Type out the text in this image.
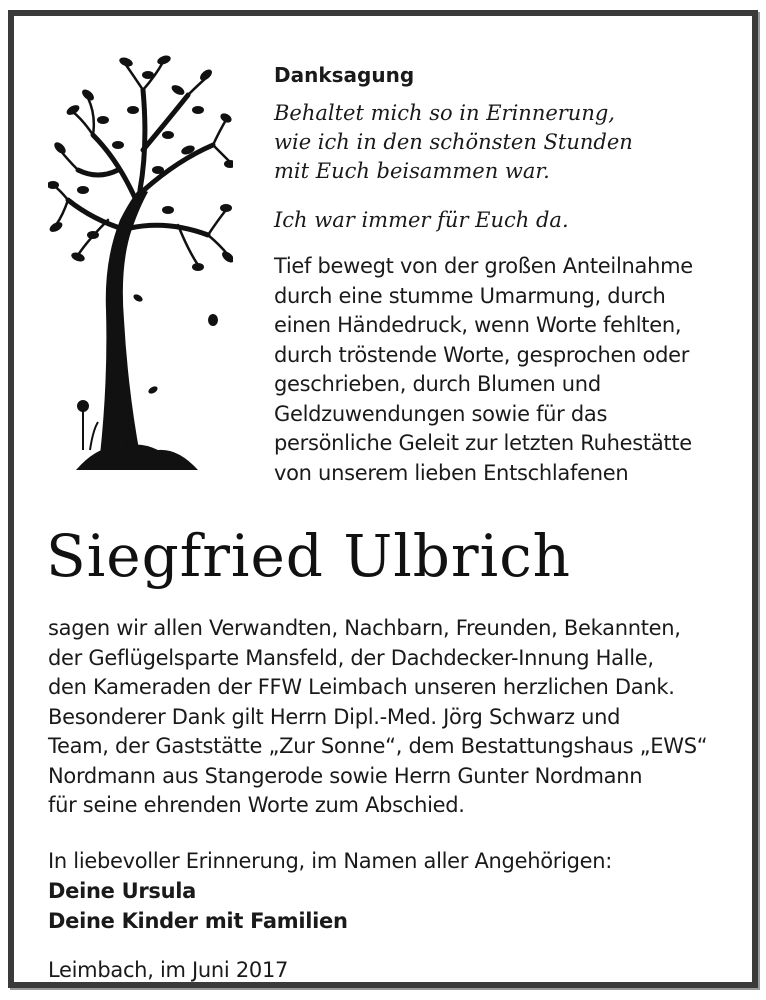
Danksagung
Behaltet mich so in Erinnerung,
wie ich in den schönsten Stunden
mit Euch beisammen war.
Ich war immer für Euch da.
Tief bewegt von der großen Anteilnahme
durch eine stumme Umarmung, durch
einen Händedruck, wenn Worte fehlten,
durch tröstende Worte, gesprochen oder
geschrieben, durch Blumen und
Geldzuwendungen sowie für das
persönliche Geleit zur letzten Ruhestätte
von unserem lieben Entschlafenen
Siegfried Ulbrich
sagen wir allen Verwandten, Nachbarn, Freunden, Bekannten,
der Geflügelsparte Mansfeld, der Dachdecker-Innung Halle,
den Kameraden der FFW Leimbach unseren herzlichen Dank.
Besonderer Dank gilt Herrn Dipl.-Med. Jörg Schwarz und
Team, der Gaststätte „Zur Sonne“, dem Bestattungshaus „EWS“
Nordmann aus Stangerode sowie Herrn Gunter Nordmann
für seine ehrenden Worte zum Abschied.
In liebevoller Erinnerung, im Namen aller Angehörigen:
Deine Ursula
Deine Kinder mit Familien
Leimbach, im Juni 2017
